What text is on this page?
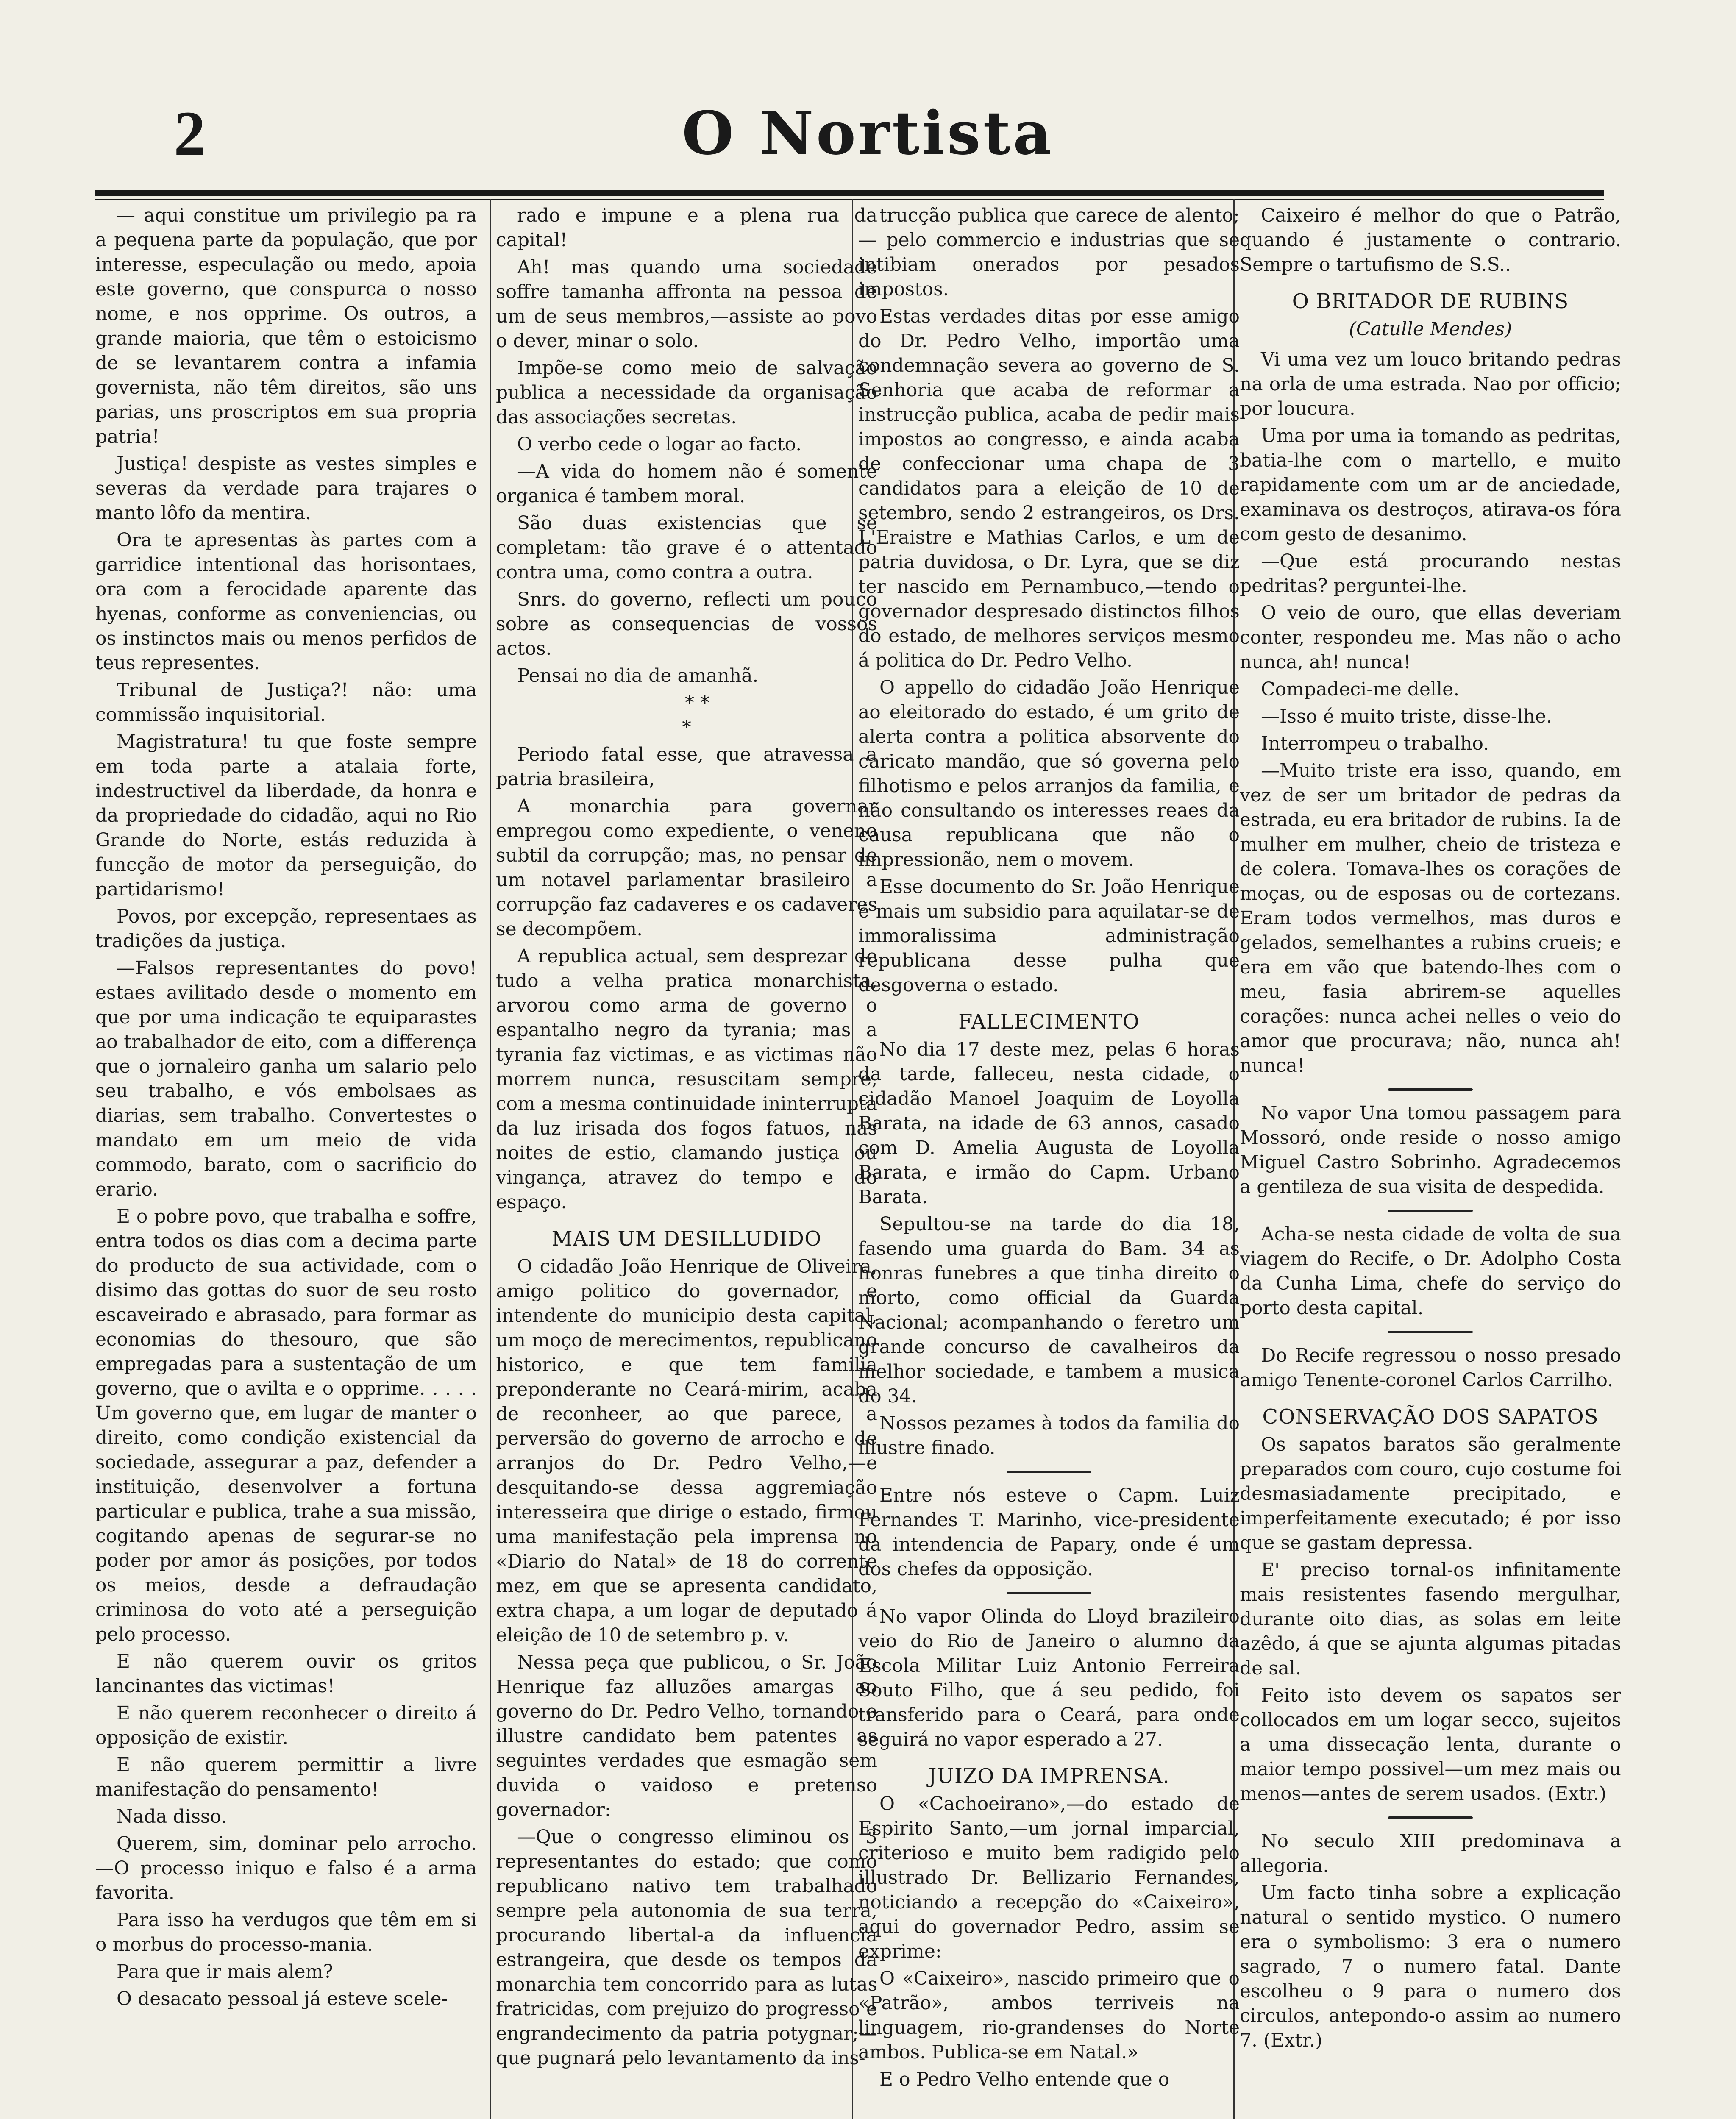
2	O Nortista

— aqui constitue um privilegio pa ra a pequena parte da população, que por interesse, especulação ou medo, apoia este governo, que conspurca o nosso nome, e nos opprime. Os outros, a grande maioria, que têm o estoicismo de se levantarem contra a infamia governista, não têm direitos, são uns parias, uns proscriptos em sua propria patria!

Justiça! despiste as vestes simples e severas da verdade para trajares o manto lôfo da mentira.

Ora te apresentas às partes com a garridice intentional das horisontaes, ora com a ferocidade aparente das hyenas, conforme as conveniencias, ou os instinctos mais ou menos perfidos de teus representes.

Tribunal de Justiça?! não: uma commissão inquisitorial.

Magistratura! tu que foste sempre em toda parte a atalaia forte, indestructivel da liberdade, da honra e da propriedade do cidadão, aqui no Rio Grande do Norte, estás reduzida à funcção de motor da perseguição, do partidarismo!

Povos, por excepção, representaes as tradições da justiça.

—Falsos representantes do povo! estaes avilitado desde o momento em que por uma indicação te equiparastes ao trabalhador de eito, com a differença que o jornaleiro ganha um salario pelo seu trabalho, e vós embolsaes as diarias, sem trabalho. Convertestes o mandato em um meio de vida commodo, barato, com o sacrificio do erario.

E o pobre povo, que trabalha e soffre, entra todos os dias com a decima parte do producto de sua actividade, com o disimo das gottas do suor de seu rosto escaveirado e abrasado, para formar as economias do thesouro, que são empregadas para a sustentação de um governo, que o avilta e o opprime. . . . . Um governo que, em lugar de manter o direito, como condição existencial da sociedade, assegurar a paz, defender a instituição, desenvolver a fortuna particular e publica, trahe a sua missão, cogitando apenas de segurar-se no poder por amor ás posições, por todos os meios, desde a defraudação criminosa do voto até a perseguição pelo processo.

E não querem ouvir os gritos lancinantes das victimas!

E não querem reconhecer o direito á opposição de existir.

E não querem permittir a livre manifestação do pensamento!

Nada disso.

Querem, sim, dominar pelo arrocho.—O processo iniquo e falso é a arma favorita.

Para isso ha verdugos que têm em si o morbus do processo-mania.

Para que ir mais alem?

O desacato pessoal já esteve scele-

rado e impune e a plena rua da capital!

Ah! mas quando uma sociedade soffre tamanha affronta na pessoa de um de seus membros,—assiste ao povo o dever, minar o solo.

Impõe-se como meio de salvação publica a necessidade da organisação das associações secretas.

O verbo cede o logar ao facto.

—A vida do homem não é somente organica é tambem moral.

São duas existencias que se completam: tão grave é o attentado contra uma, como contra a outra.

Snrs. do governo, reflecti um pouco sobre as consequencias de vossos actos.

Pensai no dia de amanhã.

* *
*

Periodo fatal esse, que atravessa a patria brasileira,

A monarchia para governar empregou como expediente, o veneno subtil da corrupção; mas, no pensar de um notavel parlamentar brasileiro a corrupção faz cadaveres e os cadaveres se decompõem.

A republica actual, sem desprezar de tudo a velha pratica monarchista, arvorou como arma de governo o espantalho negro da tyrania; mas a tyrania faz victimas, e as victimas não morrem nunca, resuscitam sempre, com a mesma continuidade ininterrupta da luz irisada dos fogos fatuos, nas noites de estio, clamando justiça ou vingança, atravez do tempo e do espaço.

MAIS UM DESILLUDIDO

O cidadão João Henrique de Oliveira, amigo politico do governador, e intendente do municipio desta capital, um moço de merecimentos, republicano historico, e que tem familia preponderante no Ceará-mirim, acaba de reconheer, ao que parece, a perversão do governo de arrocho e de arranjos do Dr. Pedro Velho,—e desquitando-se dessa aggremiação interesseira que dirige o estado, firmou uma manifestação pela imprensa no «Diario do Natal» de 18 do corrente mez, em que se apresenta candidato, extra chapa, a um logar de deputado á eleição de 10 de setembro p. v.

Nessa peça que publicou, o Sr. João Henrique faz alluzões amargas ao governo do Dr. Pedro Velho, tornando o illustre candidato bem patentes as seguintes verdades que esmagão sem duvida o vaidoso e pretenso governador:

—Que o congresso eliminou os 3 representantes do estado; que como republicano nativo tem trabalhado sempre pela autonomia de sua terra, procurando libertal-a da influencia estrangeira, que desde os tempos da monarchia tem concorrido para as lutas fratricidas, com prejuizo do progresso e engrandecimento da patria potygnar;— que pugnará pelo levantamento da ins-

trucção publica que carece de alento;— pelo commercio e industrias que se intibiam onerados por pesados impostos.

Estas verdades ditas por esse amigo do Dr. Pedro Velho, importão uma condemnação severa ao governo de S. Senhoria que acaba de reformar a instrucção publica, acaba de pedir mais impostos ao congresso, e ainda acaba de confeccionar uma chapa de 3 candidatos para a eleição de 10 de setembro, sendo 2 estrangeiros, os Drs. L'Eraistre e Mathias Carlos, e um de patria duvidosa, o Dr. Lyra, que se diz ter nascido em Pernambuco,—tendo o governador despresado distinctos filhos do estado, de melhores serviços mesmo á politica do Dr. Pedro Velho.

O appello do cidadão João Henrique ao eleitorado do estado, é um grito de alerta contra a politica absorvente do caricato mandão, que só governa pelo filhotismo e pelos arranjos da familia, e não consultando os interesses reaes da causa republicana que não o impressionão, nem o movem.

Esse documento do Sr. João Henrique é mais um subsidio para aquilatar-se de immoralissima administração republicana desse pulha que desgoverna o estado.

FALLECIMENTO

No dia 17 deste mez, pelas 6 horas da tarde, falleceu, nesta cidade, o cidadão Manoel Joaquim de Loyolla Barata, na idade de 63 annos, casado com D. Amelia Augusta de Loyolla Barata, e irmão do Capm. Urbano Barata.

Sepultou-se na tarde do dia 18, fasendo uma guarda do Bam. 34 as honras funebres a que tinha direito o morto, como official da Guarda Nacional; acompanhando o feretro um grande concurso de cavalheiros da melhor sociedade, e tambem a musica do 34.

Nossos pezames à todos da familia do illustre finado.

Entre nós esteve o Capm. Luiz Fernandes T. Marinho, vice-presidente da intendencia de Papary, onde é um dos chefes da opposição.

No vapor Olinda do Lloyd brazileiro veio do Rio de Janeiro o alumno da Escola Militar Luiz Antonio Ferreira Souto Filho, que á seu pedido, foi transferido para o Ceará, para onde seguirá no vapor esperado a 27.

JUIZO DA IMPRENSA.

O «Cachoeirano»,—do estado de Espirito Santo,—um jornal imparcial, criterioso e muito bem radigido pelo illustrado Dr. Bellizario Fernandes, noticiando a recepção do «Caixeiro», aqui do governador Pedro, assim se exprime:

O «Caixeiro», nascido primeiro que o «Patrão», ambos terriveis na linguagem, rio-grandenses do Norte ambos. Publica-se em Natal.»

E o Pedro Velho entende que o

Caixeiro é melhor do que o Patrão, quando é justamente o contrario. Sempre o tartufismo de S.S..

O BRITADOR DE RUBINS

(Catulle Mendes)

Vi uma vez um louco britando pedras na orla de uma estrada. Nao por officio; por loucura.

Uma por uma ia tomando as pedritas, batia-lhe com o martello, e muito rapidamente com um ar de anciedade, examinava os destroços, atirava-os fóra com gesto de desanimo.

—Que está procurando nestas pedritas? perguntei-lhe.

O veio de ouro, que ellas deveriam conter, respondeu me. Mas não o acho nunca, ah! nunca!

Compadeci-me delle.

—Isso é muito triste, disse-lhe.

Interrompeu o trabalho.

—Muito triste era isso, quando, em vez de ser um britador de pedras da estrada, eu era britador de rubins. Ia de mulher em mulher, cheio de tristeza e de colera. Tomava-lhes os corações de moças, ou de esposas ou de cortezans. Eram todos vermelhos, mas duros e gelados, semelhantes a rubins crueis; e era em vão que batendo-lhes com o meu, fasia abrirem-se aquelles corações: nunca achei nelles o veio do amor que procurava; não, nunca ah! nunca!

No vapor Una tomou passagem para Mossoró, onde reside o nosso amigo Miguel Castro Sobrinho. Agradecemos a gentileza de sua visita de despedida.

Acha-se nesta cidade de volta de sua viagem do Recife, o Dr. Adolpho Costa da Cunha Lima, chefe do serviço do porto desta capital.

Do Recife regressou o nosso presado amigo Tenente-coronel Carlos Carrilho.

CONSERVAÇÃO DOS SAPATOS

Os sapatos baratos são geralmente preparados com couro, cujo costume foi desmasiadamente precipitado, e imperfeitamente executado; é por isso que se gastam depressa.

E' preciso tornal-os infinitamente mais resistentes fasendo mergulhar, durante oito dias, as solas em leite azêdo, á que se ajunta algumas pitadas de sal.

Feito isto devem os sapatos ser collocados em um logar secco, sujeitos a uma dissecação lenta, durante o maior tempo possivel—um mez mais ou menos—antes de serem usados. (Extr.)

No seculo XIII predominava a allegoria.

Um facto tinha sobre a explicação natural o sentido mystico. O numero era o symbolismo: 3 era o numero sagrado, 7 o numero fatal. Dante escolheu o 9 para o numero dos circulos, antepondo-o assim ao numero 7. (Extr.)
